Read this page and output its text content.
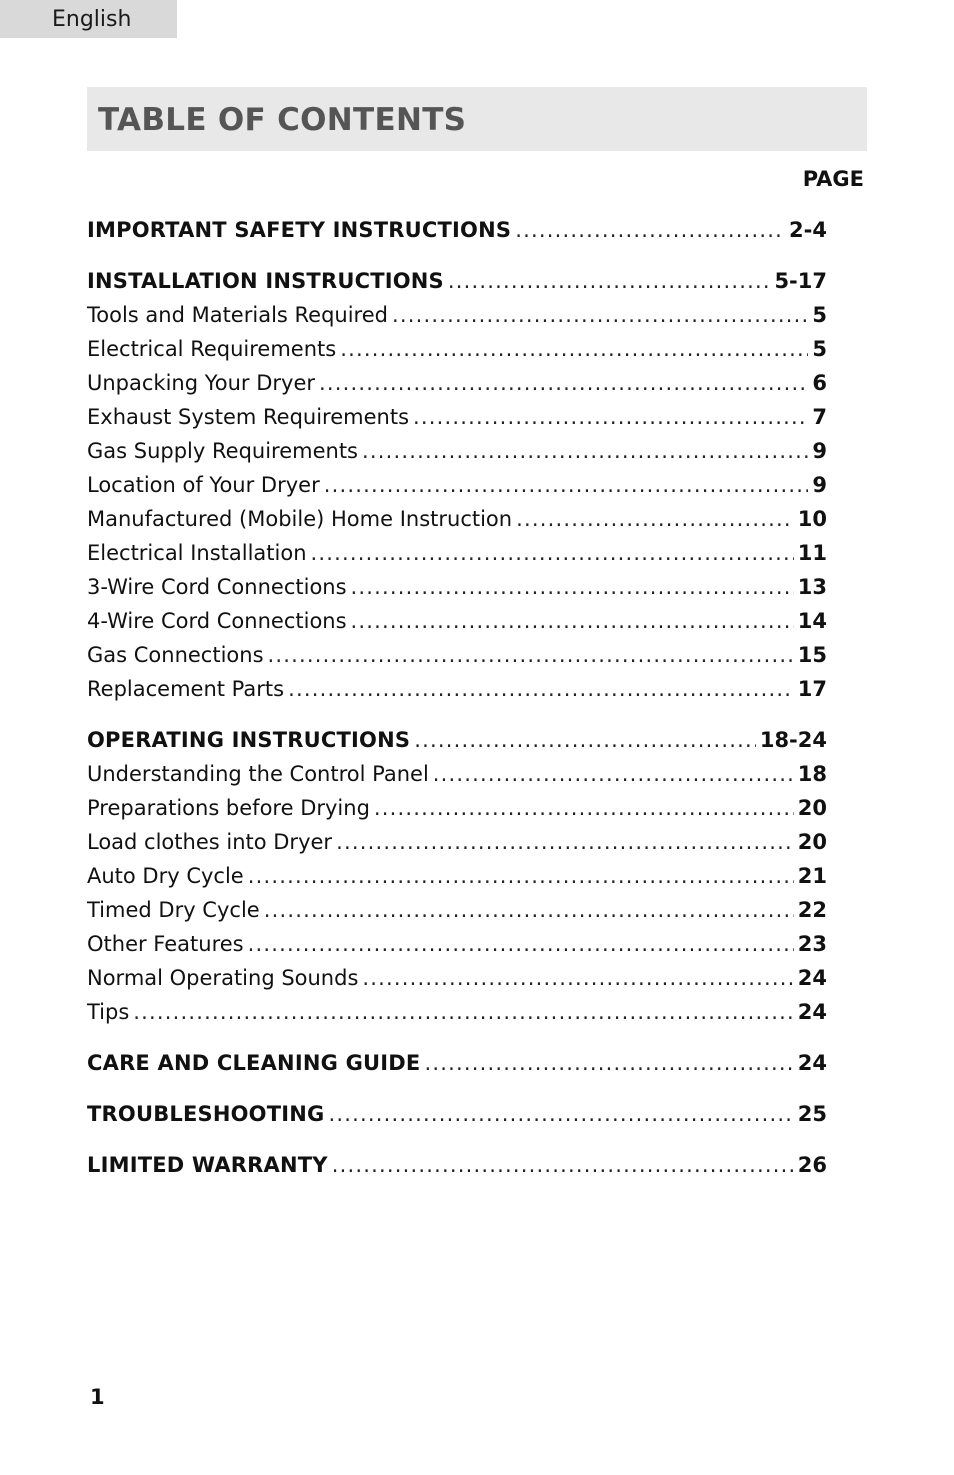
English
TABLE OF CONTENTS
PAGE
IMPORTANT SAFETY INSTRUCTIONS .....	2-4
INSTALLATION INSTRUCTIONS .....	5-17
Tools and Materials Required .....	5
Electrical Requirements .....	5
Unpacking Your Dryer .....	6
Exhaust System Requirements .....	7
Gas Supply Requirements .....	9
Location of Your Dryer .....	9
Manufactured (Mobile) Home Instruction .....	10
Electrical Installation .....	11
3-Wire Cord Connections .....	13
4-Wire Cord Connections .....	14
Gas Connections .....	15
Replacement Parts .....	17
OPERATING INSTRUCTIONS .....	18-24
Understanding the Control Panel .....	18
Preparations before Drying .....	20
Load clothes into Dryer .....	20
Auto Dry Cycle .....	21
Timed Dry Cycle .....	22
Other Features .....	23
Normal Operating Sounds .....	24
Tips .....	24
CARE AND CLEANING GUIDE .....	24
TROUBLESHOOTING .....	25
LIMITED WARRANTY .....	26
1
